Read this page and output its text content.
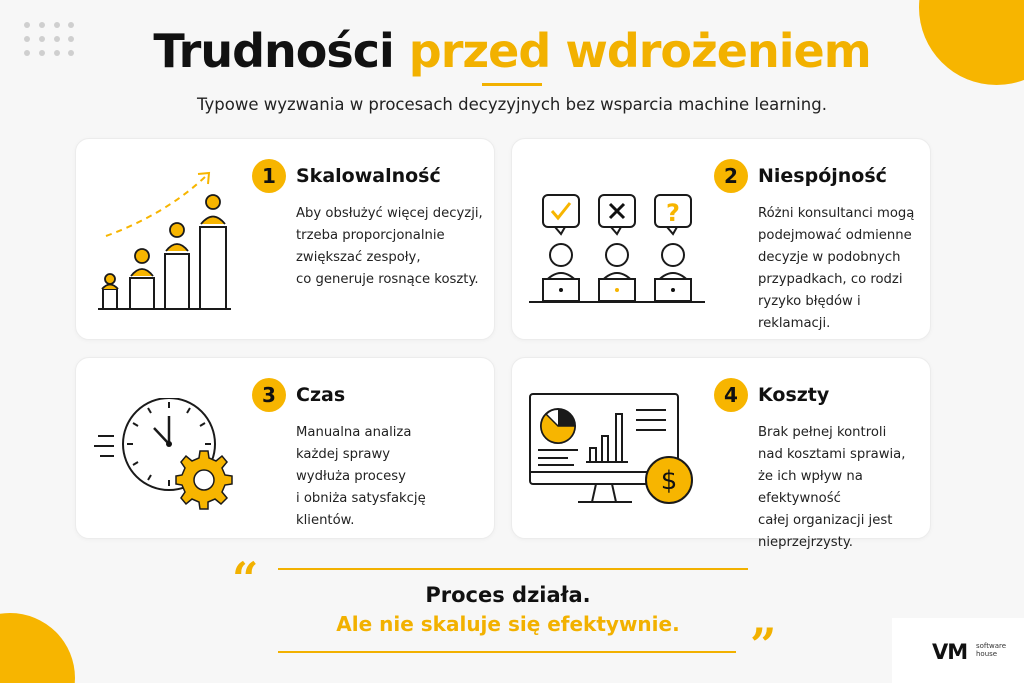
Trudności przed wdrożeniem

Typowe wyzwania w procesach decyzyjnych bez wsparcia machine learning.

1	Skalowalność
Aby obsłużyć więcej decyzji,
trzeba proporcjonalnie
zwiększać zespoły,
co generuje rosnące koszty.
?
2	Niespójność
Różni konsultanci mogą
podejmować odmienne
decyzje w podobnych
przypadkach, co rodzi
ryzyko błędów i reklamacji.
3	Czas
Manualna analiza
każdej sprawy
wydłuża procesy
i obniża satysfakcję
klientów.
$
4	Koszty
Brak pełnej kontroli
nad kosztami sprawia,
że ich wpływ na efektywność
całej organizacji jest
nieprzejrzysty.
“	Proces działa.

Ale nie skaluje się efektywnie.	”	VM software
house
